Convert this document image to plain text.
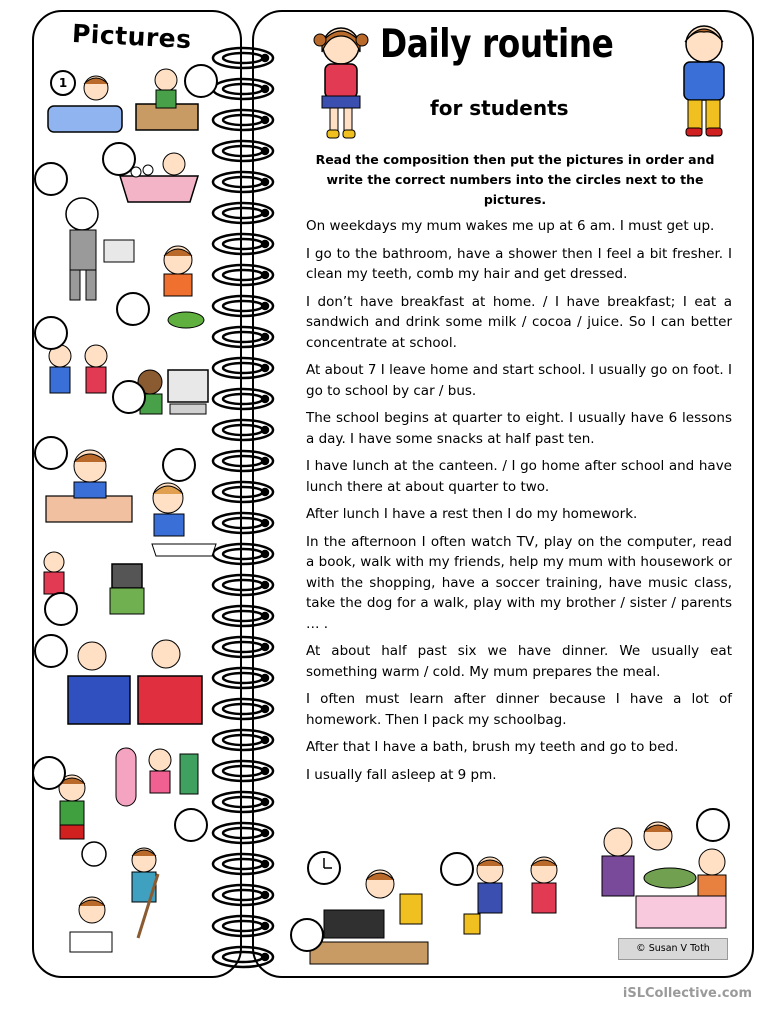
Pictures	Daily routine
for students
1
Read the composition then put the pictures in order and write the correct numbers into the circles next to the pictures.

On weekdays my mum wakes me up at 6 am. I must get up.

I go to the bathroom, have a shower then I feel a bit fresher. I clean my teeth, comb my hair and get dressed.

I don’t have breakfast at home. / I have breakfast; I eat a sandwich and drink some milk / cocoa / juice. So I can better concentrate at school.

At about 7 I leave home and start school. I usually go on foot. I go to school by car / bus.

The school begins at quarter to eight. I usually have 6 lessons a day. I have some snacks at half past ten.

I have lunch at the canteen. / I go home after school and have lunch there at about quarter to two.

After lunch I have a rest then I do my homework.

In the afternoon I often watch TV, play on the computer, read a book, walk with my friends, help my mum with housework or with the shopping, have a soccer training, have music class, take the dog for a walk, play with my brother / sister / parents … .

At about half past six we have dinner. We usually eat something warm / cold. My mum prepares the meal.

I often must learn after dinner because I have a lot of homework. Then I pack my schoolbag.

After that I have a bath, brush my teeth and go to bed.

I usually fall asleep at 9 pm.

© Susan V Toth
iSLCollective.com
